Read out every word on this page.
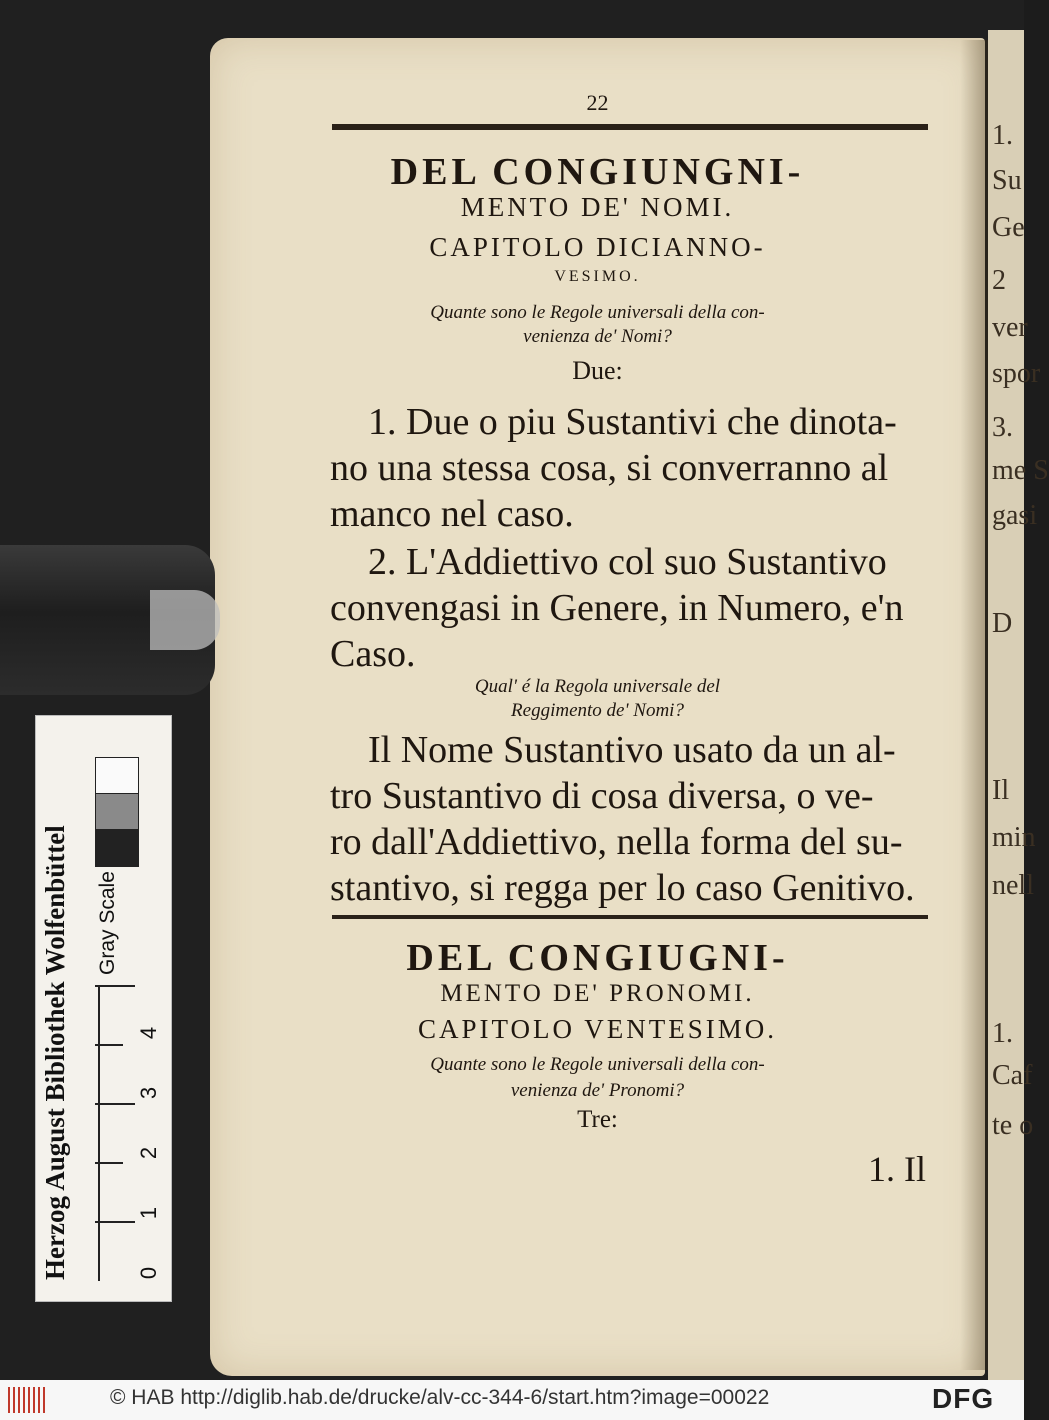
1.
Su
Ge
2
ver
spor
3.
me S
gasi
D
Il
min
nell
1.
Caf
te o
22
DEL CONGIUNGNI-
MENTO DE' NOMI.
CAPITOLO DICIANNO-
VESIMO.
Quante sono le Regole universali della con-
venienza de' Nomi?
Due:
1. Due o piu Sustantivi che dinota-
no una stessa cosa, si converranno al
manco nel caso.
2. L'Addiettivo col suo Sustantivo
convengasi in Genere, in Numero, e'n
Caso.
Qual' é la Regola universale del
Reggimento de' Nomi?
Il Nome Sustantivo usato da un al-
tro Sustantivo di cosa diversa, o ve-
ro dall'Addiettivo, nella forma del su-
stantivo, si regga per lo caso Genitivo.
DEL CONGIUGNI-
MENTO DE' PRONOMI.
CAPITOLO VENTESIMO.
Quante sono le Regole universali della con-
venienza de' Pronomi?
Tre:
1. Il
Herzog August Bibliothek Wolfenbüttel Gray Scale
0
1
2
3
4
© HAB http://diglib.hab.de/drucke/alv-cc-344-6/start.htm?image=00022	DFG
